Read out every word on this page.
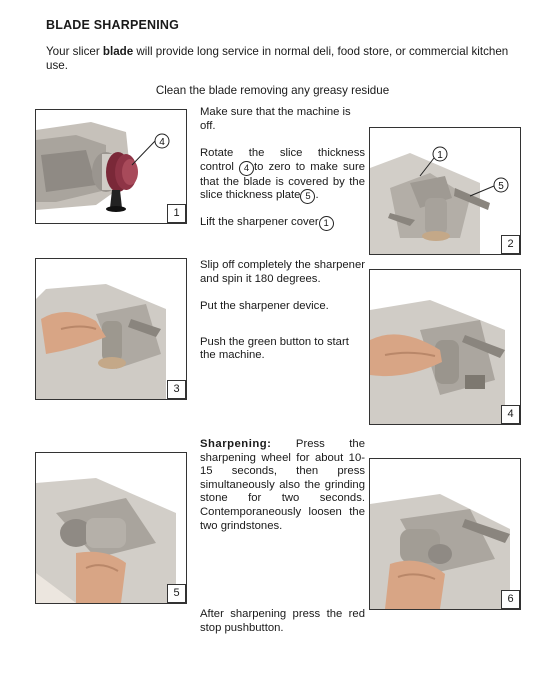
BLADE SHARPENING
Your slicer blade will provide long service in normal deli, food store, or commercial kitchen use.
Clean the blade removing any greasy residue
4
1
Make sure that the machine is off.
Rotate the slice thickness control 4 to zero to make sure that the blade is covered by the slice thickness plate 5 .
Lift the sharpener cover 1
1
5
2
3
Slip off completely the sharpener and spin it 180 degrees.
Put the sharpener device.
Push the green button to start the machine.
4
Sharpening: Press the sharpening wheel for about 10-15 seconds, then press simultaneously also the grinding stone for two seconds. Contemporaneously loosen the two grindstones.
5	6
After sharpening press the red stop pushbutton.
